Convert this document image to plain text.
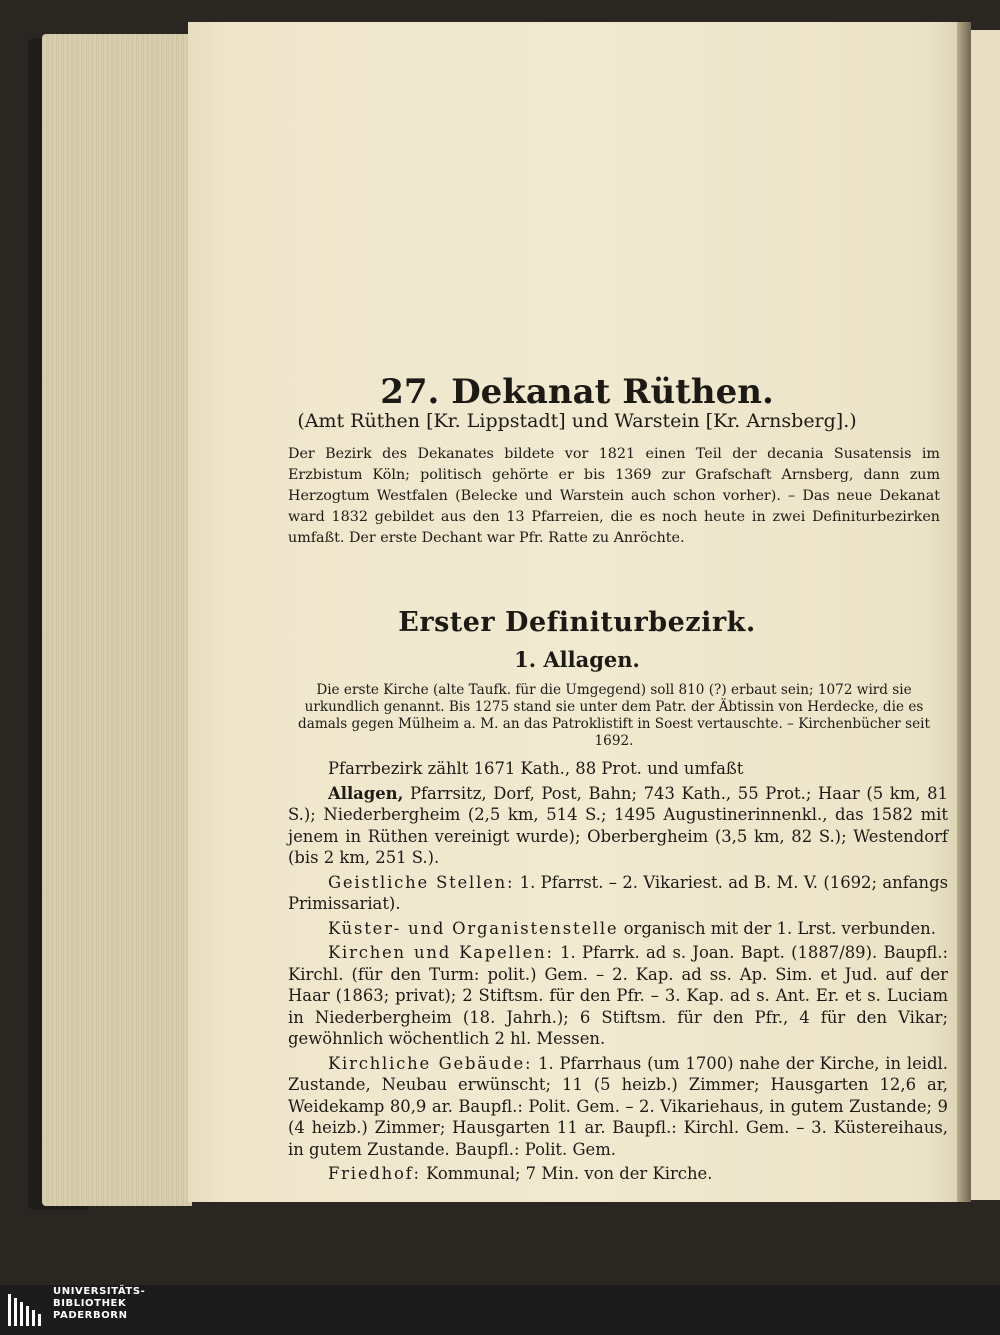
27. Dekanat Rüthen.
(Amt Rüthen [Kr. Lippstadt] und Warstein [Kr. Arnsberg].)
Der Bezirk des Dekanates bildete vor 1821 einen Teil der decania Susatensis im Erzbistum Köln; politisch gehörte er bis 1369 zur Grafschaft Arnsberg, dann zum Herzogtum Westfalen (Belecke und Warstein auch schon vorher). – Das neue Dekanat ward 1832 gebildet aus den 13 Pfarreien, die es noch heute in zwei Definiturbezirken umfaßt. Der erste Dechant war Pfr. Ratte zu Anröchte.
Erster Definiturbezirk.
1. Allagen.
Die erste Kirche (alte Taufk. für die Umgegend) soll 810 (?) erbaut sein; 1072 wird sie urkundlich genannt. Bis 1275 stand sie unter dem Patr. der Äbtissin von Herdecke, die es damals gegen Mülheim a. M. an das Patroklistift in Soest vertauschte. – Kirchenbücher seit 1692.

Pfarrbezirk zählt 1671 Kath., 88 Prot. und umfaßt

Allagen, Pfarrsitz, Dorf, Post, Bahn; 743 Kath., 55 Prot.; Haar (5 km, 81 S.); Niederbergheim (2,5 km, 514 S.; 1495 Augustinerinnenkl., das 1582 mit jenem in Rüthen vereinigt wurde); Oberbergheim (3,5 km, 82 S.); Westendorf (bis 2 km, 251 S.).

Geistliche Stellen: 1. Pfarrst. – 2. Vikariest. ad B. M. V. (1692; anfangs Primissariat).

Küster- und Organistenstelle organisch mit der 1. Lrst. verbunden.

Kirchen und Kapellen: 1. Pfarrk. ad s. Joan. Bapt. (1887/89). Baupfl.: Kirchl. (für den Turm: polit.) Gem. – 2. Kap. ad ss. Ap. Sim. et Jud. auf der Haar (1863; privat); 2 Stiftsm. für den Pfr. – 3. Kap. ad s. Ant. Er. et s. Luciam in Niederbergheim (18. Jahrh.); 6 Stiftsm. für den Pfr., 4 für den Vikar; gewöhnlich wöchentlich 2 hl. Messen.

Kirchliche Gebäude: 1. Pfarrhaus (um 1700) nahe der Kirche, in leidl. Zustande, Neubau erwünscht; 11 (5 heizb.) Zimmer; Hausgarten 12,6 ar, Weidekamp 80,9 ar. Baupfl.: Polit. Gem. – 2. Vikariehaus, in gutem Zustande; 9 (4 heizb.) Zimmer; Hausgarten 11 ar. Baupfl.: Kirchl. Gem. – 3. Küstereihaus, in gutem Zustande. Baupfl.: Polit. Gem.

Friedhof: Kommunal; 7 Min. von der Kirche.

UNIVERSITÄTS-
BIBLIOTHEK
PADERBORN
